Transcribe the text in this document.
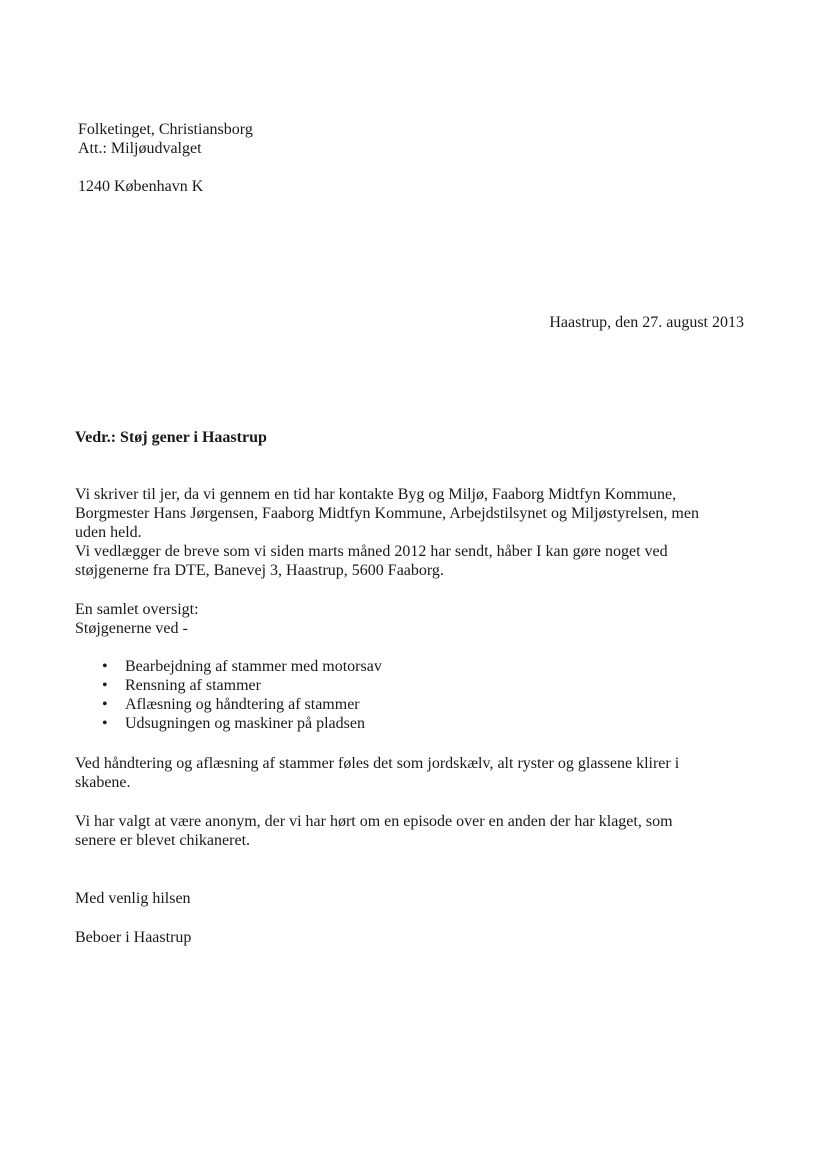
Folketinget, Christiansborg
Att.: Miljøudvalget
1240 København K
Haastrup, den 27. august 2013
Vedr.: Støj gener i Haastrup
Vi skriver til jer, da vi gennem en tid har kontakte Byg og Miljø, Faaborg Midtfyn Kommune,
Borgmester Hans Jørgensen, Faaborg Midtfyn Kommune, Arbejdstilsynet og Miljøstyrelsen, men
uden held.
Vi vedlægger de breve som vi siden marts måned 2012 har sendt, håber I kan gøre noget ved
støjgenerne fra DTE, Banevej 3, Haastrup, 5600 Faaborg.
En samlet oversigt:
Støjgenerne ved -
• Bearbejdning af stammer med motorsav
• Rensning af stammer
• Aflæsning og håndtering af stammer
• Udsugningen og maskiner på pladsen
Ved håndtering og aflæsning af stammer føles det som jordskælv, alt ryster og glassene klirer i
skabene.
Vi har valgt at være anonym, der vi har hørt om en episode over en anden der har klaget, som
senere er blevet chikaneret.
Med venlig hilsen
Beboer i Haastrup
